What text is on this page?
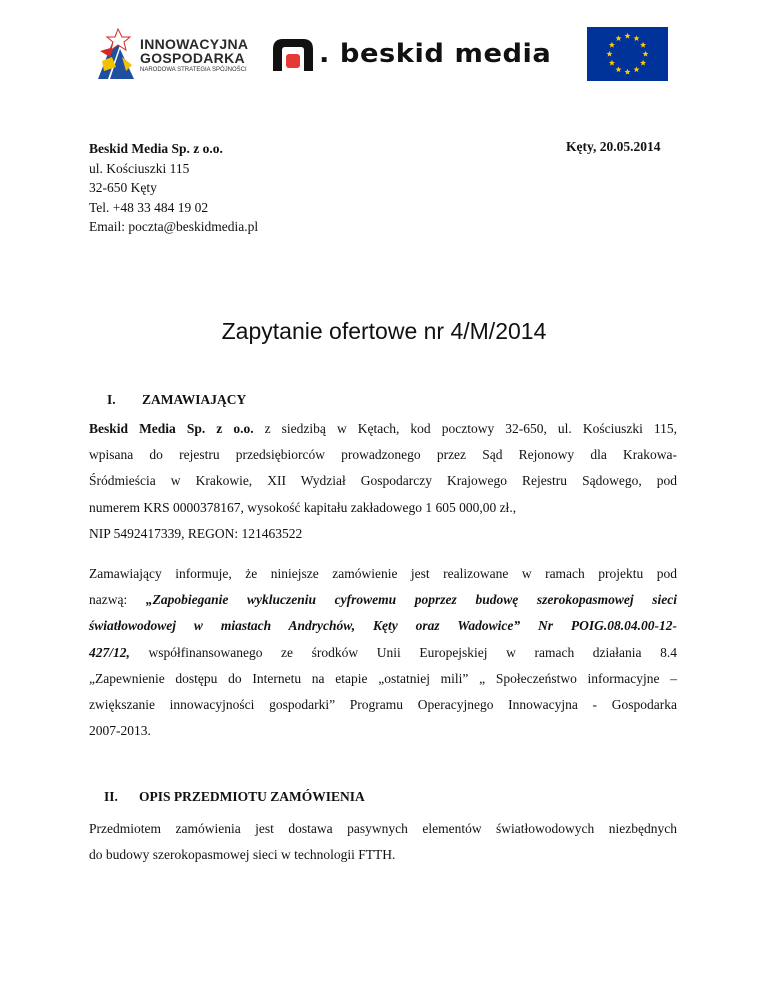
INNOWACYJNA
GOSPODARKA
NARODOWA STRATEGIA SPÓJNOŚCI
. beskid media
Beskid Media Sp. z o.o.
ul. Kościuszki 115
32-650 Kęty
Tel. +48 33 484 19 02
Email: poczta@beskidmedia.pl
Kęty, 20.05.2014
Zapytanie ofertowe nr 4/M/2014
I. ZAMAWIAJĄCY
Beskid Media Sp. z o.o. z siedzibą w Kętach, kod pocztowy 32-650, ul. Kościuszki 115,
wpisana do rejestru przedsiębiorców prowadzonego przez Sąd Rejonowy dla Krakowa-
Śródmieścia w Krakowie, XII Wydział Gospodarczy Krajowego Rejestru Sądowego, pod
numerem KRS 0000378167, wysokość kapitału zakładowego 1 605 000,00 zł.,
NIP 5492417339, REGON: 121463522
Zamawiający informuje, że niniejsze zamówienie jest realizowane w ramach projektu pod
nazwą: „Zapobieganie wykluczeniu cyfrowemu poprzez budowę szerokopasmowej sieci
światłowodowej w miastach Andrychów, Kęty oraz Wadowice” Nr POIG.08.04.00-12-
427/12, współfinansowanego ze środków Unii Europejskiej w ramach działania 8.4
„Zapewnienie dostępu do Internetu na etapie „ostatniej mili” „ Społeczeństwo informacyjne –
zwiększanie innowacyjności gospodarki” Programu Operacyjnego Innowacyjna - Gospodarka
2007-2013.
II. OPIS PRZEDMIOTU ZAMÓWIENIA
Przedmiotem zamówienia jest dostawa pasywnych elementów światłowodowych niezbędnych
do budowy szerokopasmowej sieci w technologii FTTH.
